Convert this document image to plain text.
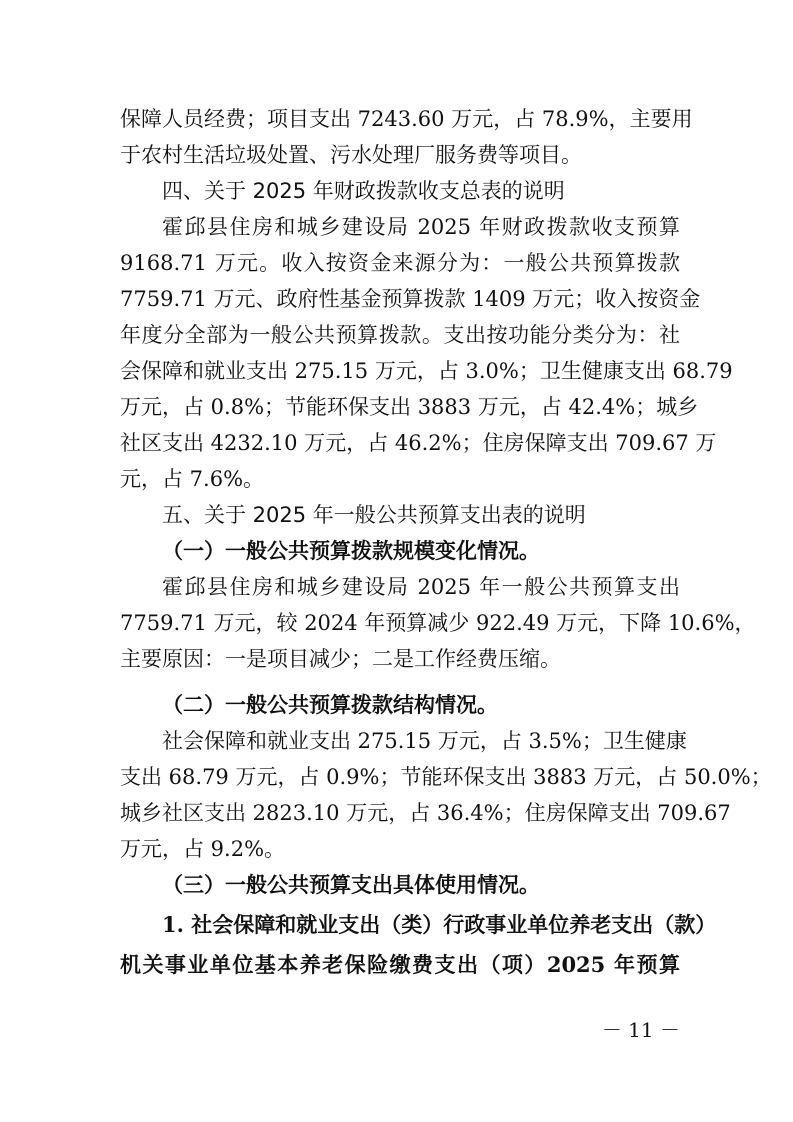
保障人员经费；项目支出 7243.60 万元，占 78.9%，主要用
于农村生活垃圾处置、污水处理厂服务费等项目。
四、关于 2025 年财政拨款收支总表的说明
霍邱县住房和城乡建设局 2025 年财政拨款收支预算
9168.71 万元。收入按资金来源分为：一般公共预算拨款
7759.71 万元、政府性基金预算拨款 1409 万元；收入按资金
年度分全部为一般公共预算拨款。支出按功能分类分为：社
会保障和就业支出 275.15 万元，占 3.0%；卫生健康支出 68.79
万元，占 0.8%；节能环保支出 3883 万元，占 42.4%；城乡
社区支出 4232.10 万元，占 46.2%；住房保障支出 709.67 万
元，占 7.6%。
五、关于 2025 年一般公共预算支出表的说明
（一）一般公共预算拨款规模变化情况。
霍邱县住房和城乡建设局 2025 年一般公共预算支出
7759.71 万元，较 2024 年预算减少 922.49 万元，下降 10.6%，
主要原因：一是项目减少；二是工作经费压缩。
（二）一般公共预算拨款结构情况。
社会保障和就业支出 275.15 万元，占 3.5%；卫生健康
支出 68.79 万元，占 0.9%；节能环保支出 3883 万元，占 50.0%；
城乡社区支出 2823.10 万元，占 36.4%；住房保障支出 709.67
万元，占 9.2%。
（三）一般公共预算支出具体使用情况。
1. 社会保障和就业支出（类）行政事业单位养老支出（款）
机关事业单位基本养老保险缴费支出（项）2025 年预算
－ 11 －
